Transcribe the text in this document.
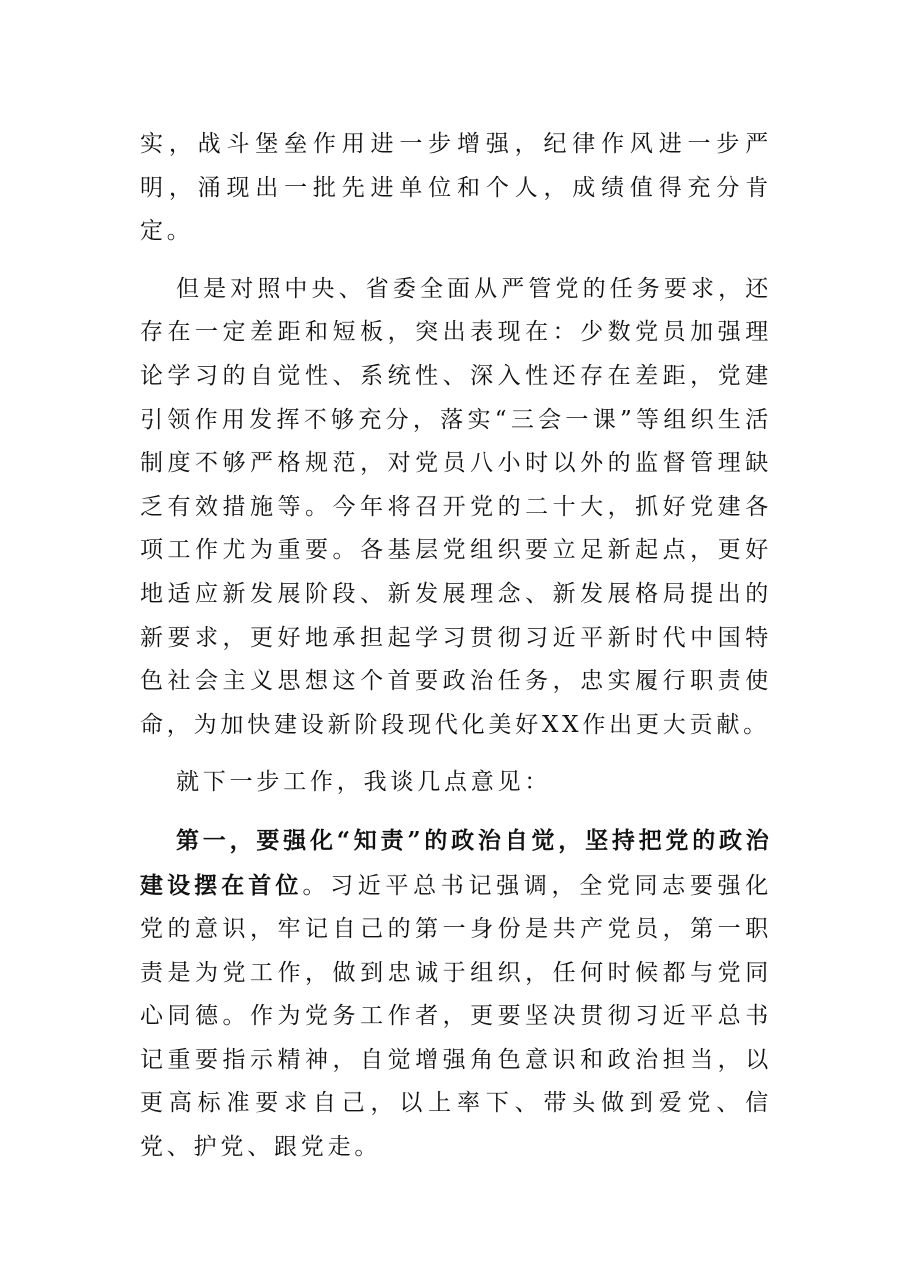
实，战斗堡垒作用进一步增强，纪律作风进一步严明，涌现出一批先进单位和个人，成绩值得充分肯定。

但是对照中央、省委全面从严管党的任务要求，还存在一定差距和短板，突出表现在：少数党员加强理论学习的自觉性、系统性、深入性还存在差距，党建引领作用发挥不够充分，落实“三会一课”等组织生活制度不够严格规范，对党员八小时以外的监督管理缺乏有效措施等。今年将召开党的二十大，抓好党建各项工作尤为重要。各基层党组织要立足新起点，更好地适应新发展阶段、新发展理念、新发展格局提出的新要求，更好地承担起学习贯彻习近平新时代中国特色社会主义思想这个首要政治任务，忠实履行职责使命，为加快建设新阶段现代化美好XX作出更大贡献。

就下一步工作，我谈几点意见：

第一，要强化“知责”的政治自觉，坚持把党的政治建设摆在首位。习近平总书记强调，全党同志要强化党的意识，牢记自己的第一身份是共产党员，第一职责是为党工作，做到忠诚于组织，任何时候都与党同心同德。作为党务工作者，更要坚决贯彻习近平总书记重要指示精神，自觉增强角色意识和政治担当，以更高标准要求自己，以上率下、带头做到爱党、信党、护党、跟党走。
